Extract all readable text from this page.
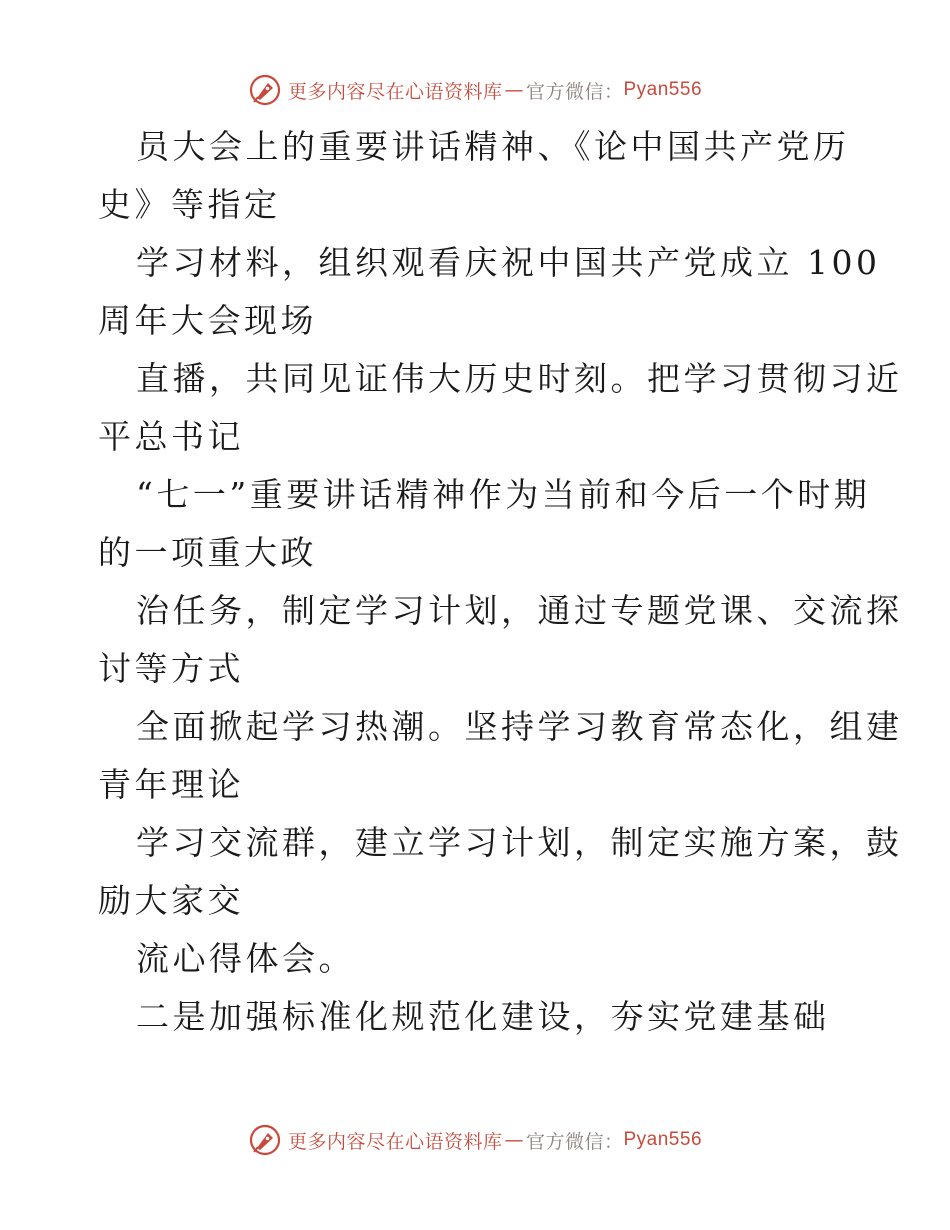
更多内容尽在心语资料库 — 官方微信： Pyan556
员大会上的重要讲话精神、《论中国共产党历
史》等指定
学习材料，组织观看庆祝中国共产党成立 100
周年大会现场
直播，共同见证伟大历史时刻。把学习贯彻习近
平总书记
“七一”重要讲话精神作为当前和今后一个时期
的一项重大政
治任务，制定学习计划，通过专题党课、交流探
讨等方式
全面掀起学习热潮。坚持学习教育常态化，组建
青年理论
学习交流群，建立学习计划，制定实施方案，鼓
励大家交
流心得体会。
二是加强标准化规范化建设，夯实党建基础
更多内容尽在心语资料库 — 官方微信： Pyan556
